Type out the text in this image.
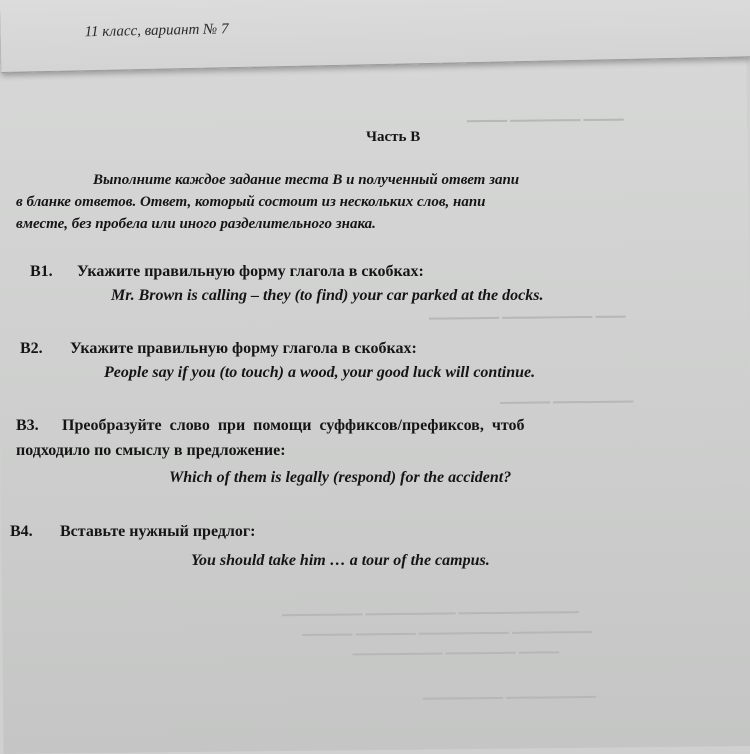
▁▁▁▁ ▁▁▁▁▁▁▁ ▁▁▁▁
▁▁▁▁▁▁▁ ▁▁▁▁▁▁▁▁▁ ▁▁▁
▁▁▁▁▁ ▁▁▁▁▁▁▁▁
▁▁▁▁▁▁▁▁ ▁▁▁▁▁▁▁▁▁ ▁▁▁▁▁▁▁▁▁▁▁▁
▁▁▁▁▁ ▁▁▁▁▁▁ ▁▁▁▁▁▁▁▁▁ ▁▁▁▁▁▁▁▁
▁▁▁▁▁▁▁▁▁ ▁▁▁▁▁▁▁ ▁▁▁▁
▁▁▁▁▁▁▁▁ ▁▁▁▁▁▁▁▁▁
11 класс, вариант № 7
Часть B
Выполните каждое задание теста В и полученный ответ запи
в бланке ответов. Ответ, который состоит из нескольких слов, напи
вместе, без пробела или иного разделительного знака.
В1. Укажите правильную форму глагола в скобках:
Mr. Brown is calling – they (to find) your car parked at the docks.
В2. Укажите правильную форму глагола в скобках:
People say if you (to touch) a wood, your good luck will continue.
В3. Преобразуйте слово при помощи суффиксов/префиксов, чтоб
подходило по смыслу в предложение:
Which of them is legally (respond) for the accident?
В4. Вставьте нужный предлог:
You should take him … a tour of the campus.
